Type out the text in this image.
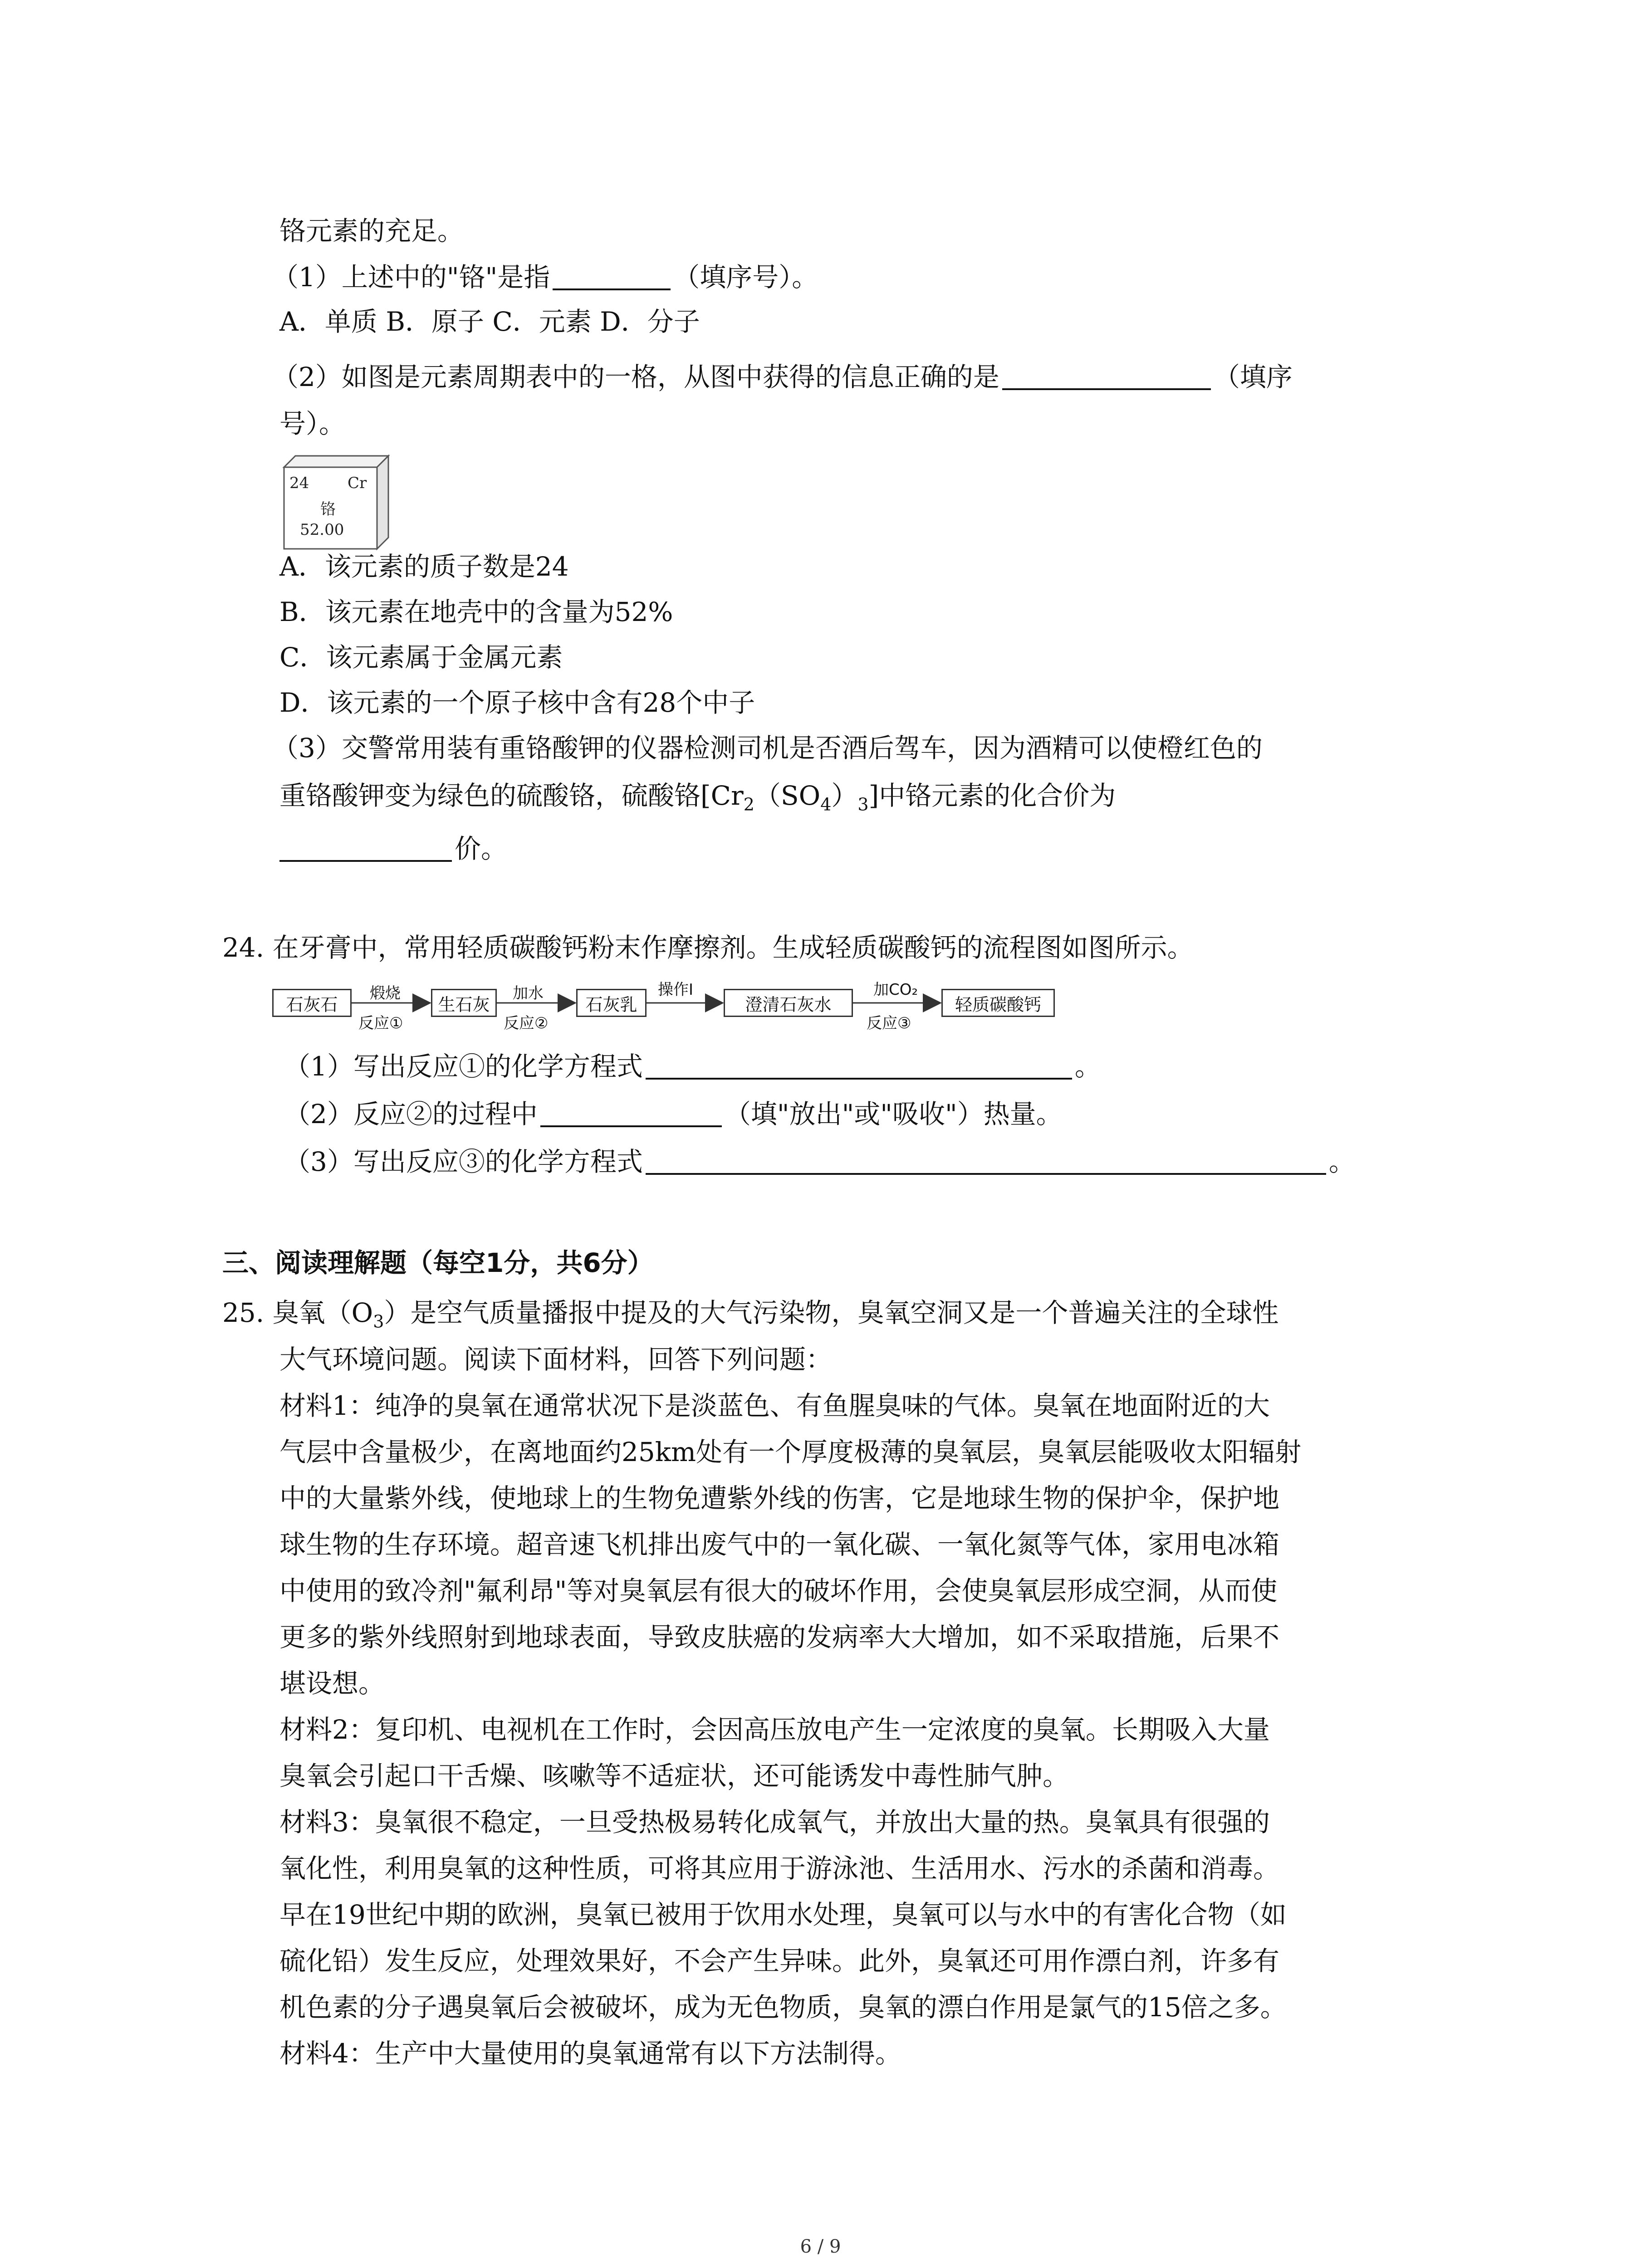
铬元素的充足。
（1）上述中的"铬"是指	（填序号）。
A．单质 B．原子 C．元素 D．分子
（2）如图是元素周期表中的一格，从图中获得的信息正确的是	（填序
号）。
24 Cr
铬
52.00
A．该元素的质子数是24
B．该元素在地壳中的含量为52%
C．该元素属于金属元素
D．该元素的一个原子核中含有28个中子
（3）交警常用装有重铬酸钾的仪器检测司机是否酒后驾车，因为酒精可以使橙红色的
重铬酸钾变为绿色的硫酸铬，硫酸铬$[Cr_2(SO_4)_3]$中铬元素的化合价为
价。
24. 在牙膏中，常用轻质碳酸钙粉末作摩擦剂。生成轻质碳酸钙的流程图如图所示。
石灰石	生石灰	石灰乳	澄清石灰水	轻质碳酸钙
煅烧	加水	操作Ⅰ	加CO₂
反应①	反应②	反应③
（1）写出反应①的化学方程式	。
（2）反应②的过程中	（填"放出"或"吸收"）热量。
（3）写出反应③的化学方程式	。
三、阅读理解题（每空1分，共6分）
25. 臭氧$(O_3)$是空气质量播报中提及的大气污染物，臭氧空洞又是一个普遍关注的全球性
大气环境问题。阅读下面材料，回答下列问题：
材料1：纯净的臭氧在通常状况下是淡蓝色、有鱼腥臭味的气体。臭氧在地面附近的大
气层中含量极少，在离地面约25km处有一个厚度极薄的臭氧层，臭氧层能吸收太阳辐射
中的大量紫外线，使地球上的生物免遭紫外线的伤害，它是地球生物的保护伞，保护地
球生物的生存环境。超音速飞机排出废气中的一氧化碳、一氧化氮等气体，家用电冰箱
中使用的致冷剂"氟利昂"等对臭氧层有很大的破坏作用，会使臭氧层形成空洞，从而使
更多的紫外线照射到地球表面，导致皮肤癌的发病率大大增加，如不采取措施，后果不
堪设想。
材料2：复印机、电视机在工作时，会因高压放电产生一定浓度的臭氧。长期吸入大量
臭氧会引起口干舌燥、咳嗽等不适症状，还可能诱发中毒性肺气肿。
材料3：臭氧很不稳定，一旦受热极易转化成氧气，并放出大量的热。臭氧具有很强的
氧化性，利用臭氧的这种性质，可将其应用于游泳池、生活用水、污水的杀菌和消毒。
早在19世纪中期的欧洲，臭氧已被用于饮用水处理，臭氧可以与水中的有害化合物（如
硫化铅）发生反应，处理效果好，不会产生异味。此外，臭氧还可用作漂白剂，许多有
机色素的分子遇臭氧后会被破坏，成为无色物质，臭氧的漂白作用是氯气的15倍之多。
材料4：生产中大量使用的臭氧通常有以下方法制得。
6 / 9
